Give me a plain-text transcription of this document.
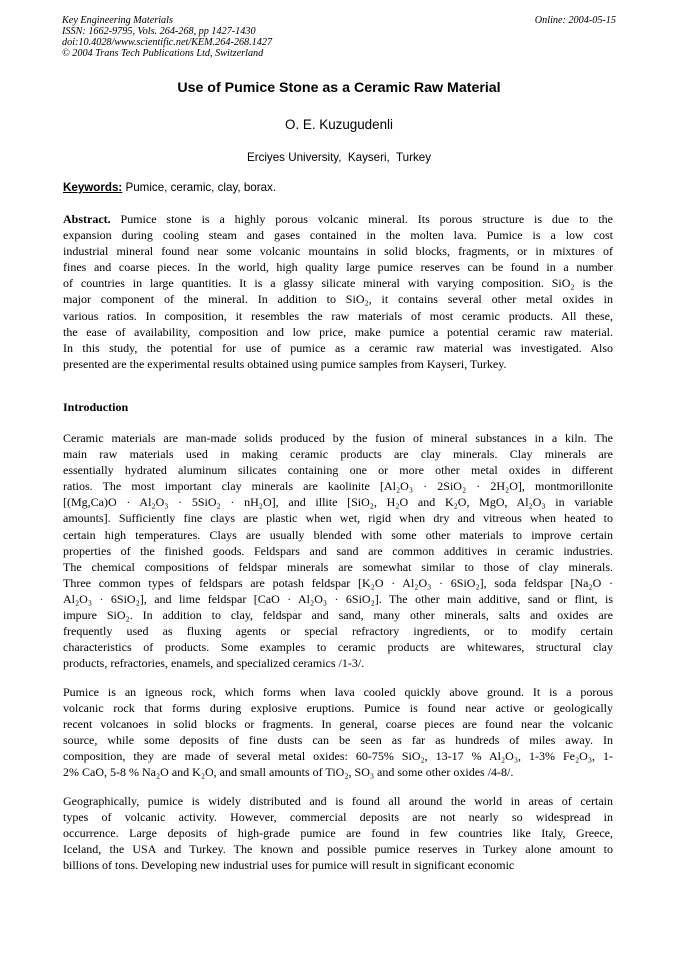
Key Engineering Materials
ISSN: 1662-9795, Vols. 264-268, pp 1427-1430
doi:10.4028/www.scientific.net/KEM.264-268.1427
© 2004 Trans Tech Publications Ltd, Switzerland
Online: 2004-05-15
Use of Pumice Stone as a Ceramic Raw Material
O. E. Kuzugudenli
Erciyes University,  Kayseri,  Turkey
Keywords: Pumice, ceramic, clay, borax.
Abstract. Pumice stone is a highly porous volcanic mineral. Its porous structure is due to the
expansion during cooling steam and gases contained in the molten lava. Pumice is a low cost
industrial mineral found near some volcanic mountains in solid blocks, fragments, or in mixtures of
fines and coarse pieces. In the world, high quality large pumice reserves can be found in a number
of countries in large quantities. It is a glassy silicate mineral with varying composition. SiO₂ is the
major component of the mineral. In addition to SiO₂, it contains several other metal oxides in
various ratios. In composition, it resembles the raw materials of most ceramic products. All these,
the ease of availability, composition and low price, make pumice a potential ceramic raw material.
In this study, the potential for use of pumice as a ceramic raw material was investigated. Also
presented are the experimental results obtained using pumice samples from Kayseri, Turkey.
Introduction
Ceramic materials are man-made solids produced by the fusion of mineral substances in a kiln. The
main raw materials used in making ceramic products are clay minerals. Clay minerals are
essentially hydrated aluminum silicates containing one or more other metal oxides in different
ratios. The most important clay minerals are kaolinite [Al₂O₃ · 2SiO₂ · 2H₂O], montmorillonite
[(Mg,Ca)O · Al₂O₃ · 5SiO₂ · nH₂O], and illite [SiO₂, H₂O and K₂O, MgO, Al₂O₃ in variable
amounts]. Sufficiently fine clays are plastic when wet, rigid when dry and vitreous when heated to
certain high temperatures. Clays are usually blended with some other materials to improve certain
properties of the finished goods. Feldspars and sand are common additives in ceramic industries.
The chemical compositions of feldspar minerals are somewhat similar to those of clay minerals.
Three common types of feldspars are potash feldspar [K₂O · Al₂O₃ · 6SiO₂], soda feldspar [Na₂O ·
Al₂O₃ · 6SiO₂], and lime feldspar [CaO · Al₂O₃ · 6SiO₂]. The other main additive, sand or flint, is
impure SiO₂. In addition to clay, feldspar and sand, many other minerals, salts and oxides are
frequently used as fluxing agents or special refractory ingredients, or to modify certain
characteristics of products. Some examples to ceramic products are whitewares, structural clay
products, refractories, enamels, and specialized ceramics /1-3/.
Pumice is an igneous rock, which forms when lava cooled quickly above ground. It is a porous
volcanic rock that forms during explosive eruptions. Pumice is found near active or geologically
recent volcanoes in solid blocks or fragments. In general, coarse pieces are found near the volcanic
source, while some deposits of fine dusts can be seen as far as hundreds of miles away. In
composition, they are made of several metal oxides: 60-75% SiO₂, 13-17 % Al₂O₃, 1-3% Fe₂O₃, 1-
2% CaO, 5-8 % Na₂O and K₂O, and small amounts of TiO₂, SO₃ and some other oxides /4-8/.
Geographically, pumice is widely distributed and is found all around the world in areas of certain
types of volcanic activity. However, commercial deposits are not nearly so widespread in
occurrence. Large deposits of high-grade pumice are found in few countries like Italy, Greece,
Iceland, the USA and Turkey. The known and possible pumice reserves in Turkey alone amount to
billions of tons. Developing new industrial uses for pumice will result in significant economic
